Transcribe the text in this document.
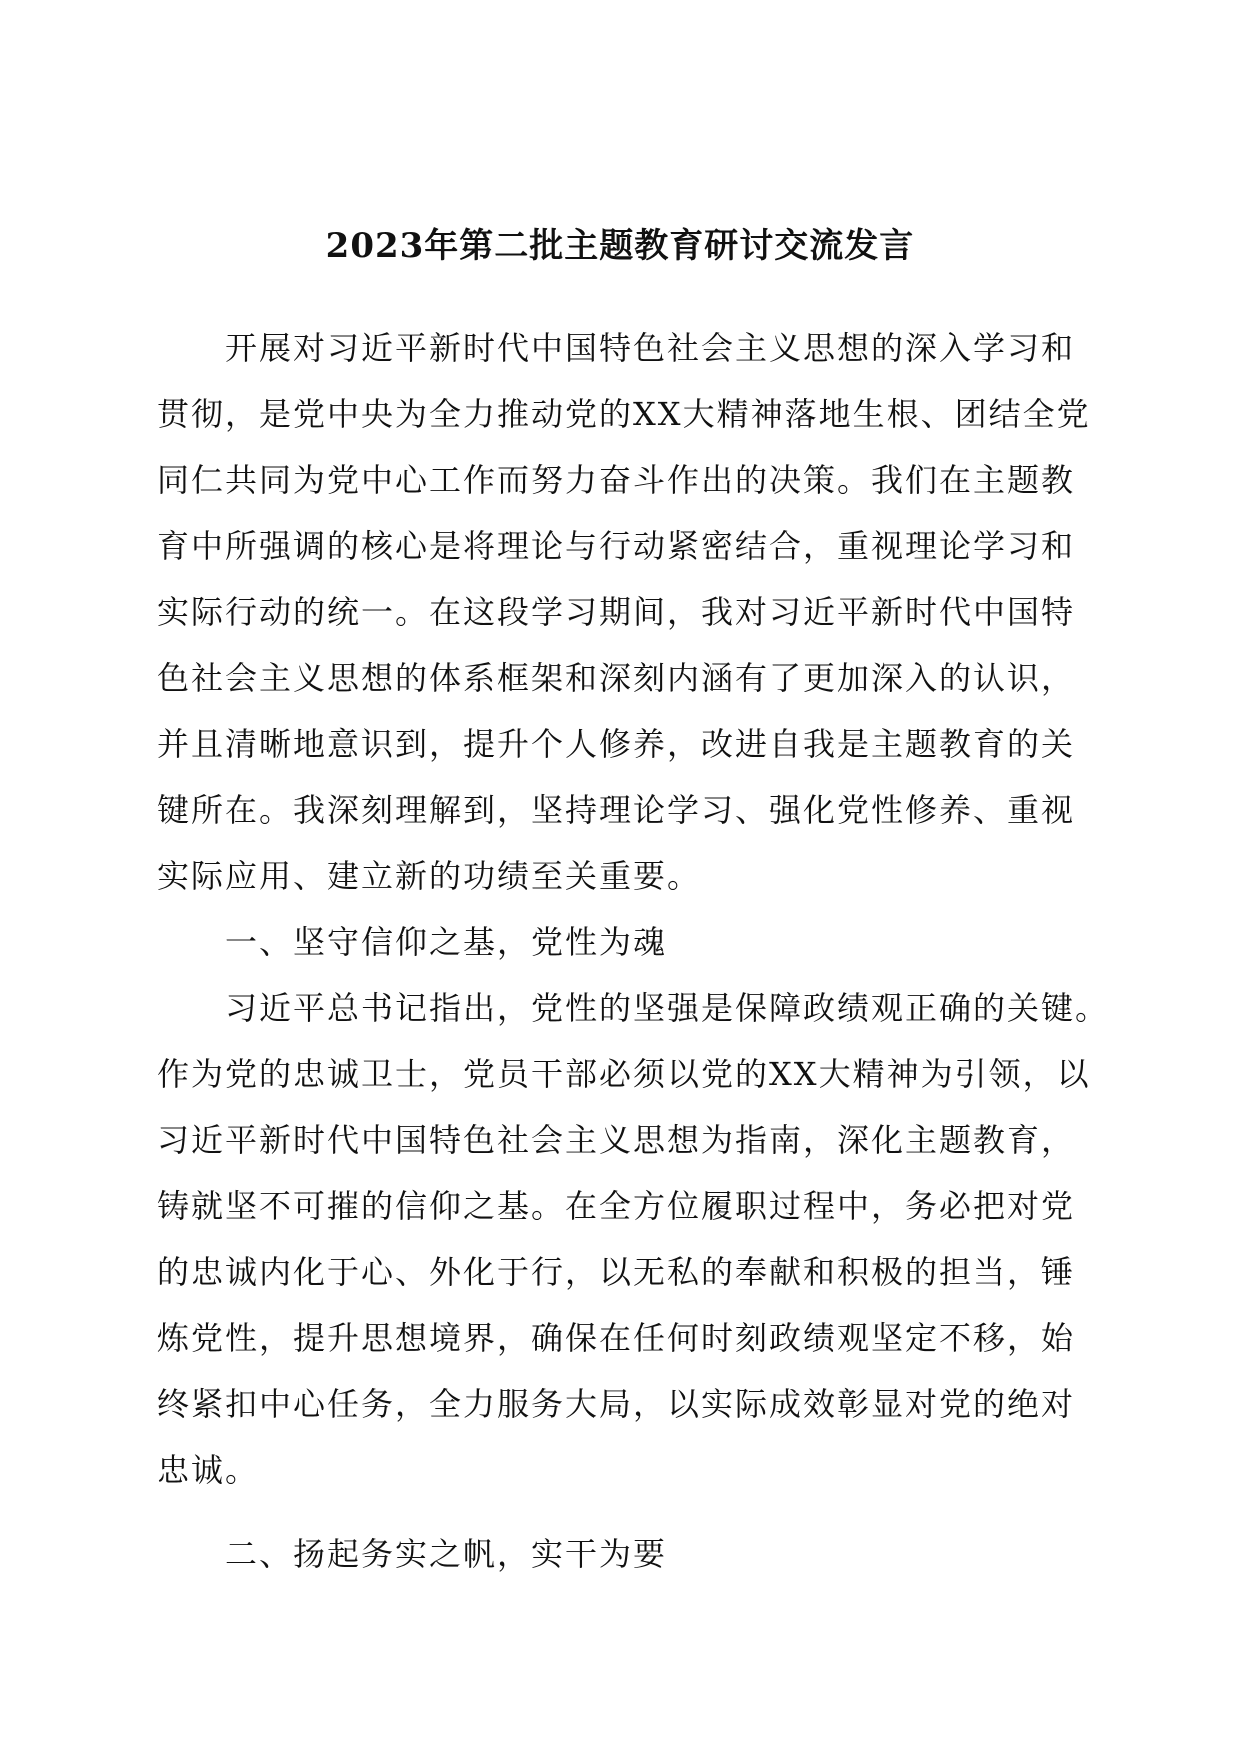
2023年第二批主题教育研讨交流发言
开展对习近平新时代中国特色社会主义思想的深入学习和
贯彻，是党中央为全力推动党的XX大精神落地生根、团结全党
同仁共同为党中心工作而努力奋斗作出的决策。我们在主题教
育中所强调的核心是将理论与行动紧密结合，重视理论学习和
实际行动的统一。在这段学习期间，我对习近平新时代中国特
色社会主义思想的体系框架和深刻内涵有了更加深入的认识，
并且清晰地意识到，提升个人修养，改进自我是主题教育的关
键所在。我深刻理解到，坚持理论学习、强化党性修养、重视
实际应用、建立新的功绩至关重要。
一、坚守信仰之基，党性为魂
习近平总书记指出，党性的坚强是保障政绩观正确的关键。
作为党的忠诚卫士，党员干部必须以党的XX大精神为引领，以
习近平新时代中国特色社会主义思想为指南，深化主题教育，
铸就坚不可摧的信仰之基。在全方位履职过程中，务必把对党
的忠诚内化于心、外化于行，以无私的奉献和积极的担当，锤
炼党性，提升思想境界，确保在任何时刻政绩观坚定不移，始
终紧扣中心任务，全力服务大局，以实际成效彰显对党的绝对
忠诚。
二、扬起务实之帆，实干为要
